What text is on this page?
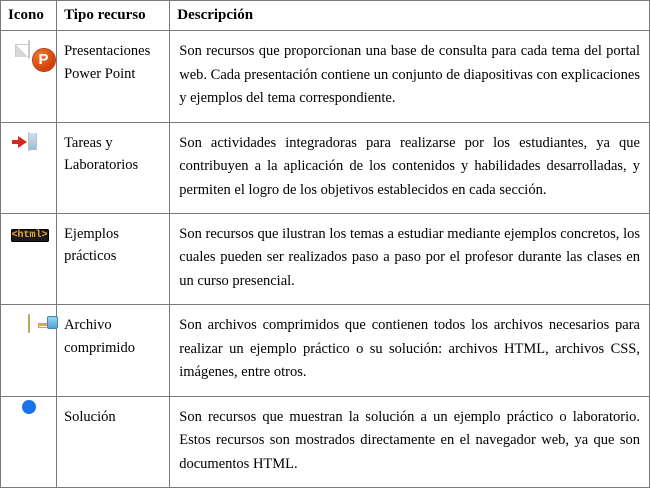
Icono	Tipo recurso	Descripción

P	Presentaciones Power Point	Son recursos que proporcionan una base de consulta para cada tema del portal web. Cada presentación contiene un conjunto de diapositivas con explicaciones y ejemplos del tema correspondiente.

	Tareas y Laboratorios	Son actividades integradoras para realizarse por los estudiantes, ya que contribuyen a la aplicación de los contenidos y habilidades desarrolladas, y permiten el logro de los objetivos establecidos en cada sección.
<html>	Ejemplos prácticos	Son recursos que ilustran los temas a estudiar mediante ejemplos concretos, los cuales pueden ser realizados paso a paso por el profesor durante las clases en un curso presencial.

	Archivo comprimido	Son archivos comprimidos que contienen todos los archivos necesarios para realizar un ejemplo práctico o su solución: archivos HTML, archivos CSS, imágenes, entre otros.

	Solución	Son recursos que muestran la solución a un ejemplo práctico o laboratorio. Estos recursos son mostrados directamente en el navegador web, ya que son documentos HTML.
